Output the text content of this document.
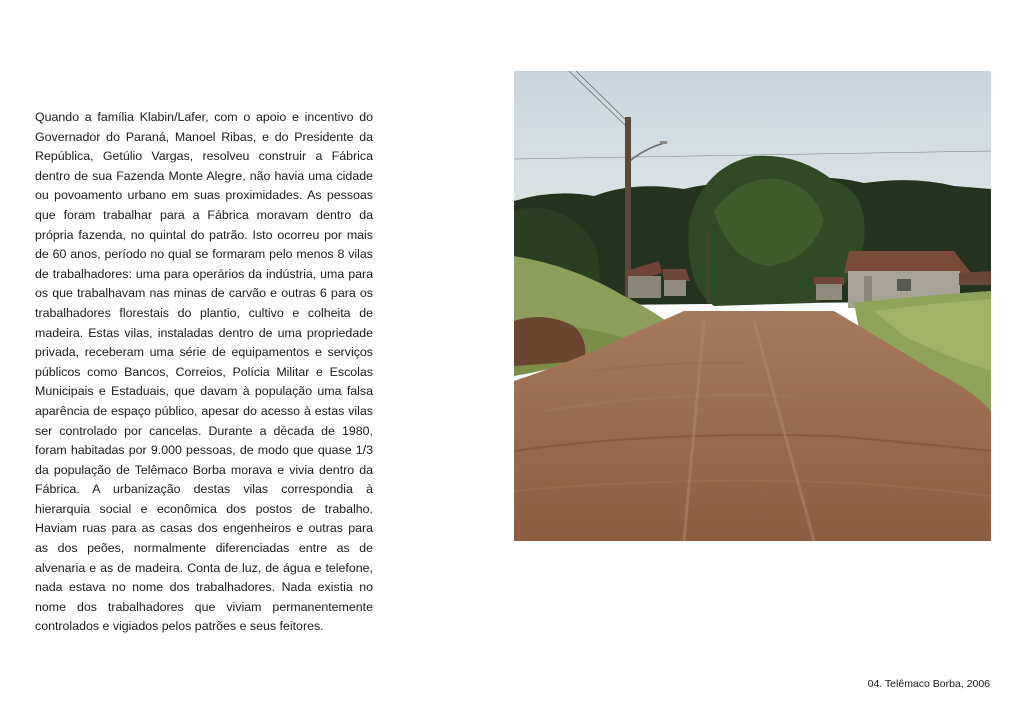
Quando a família Klabin/Lafer, com o apoio e incentivo do Governador do Paraná, Manoel Ribas, e do Presidente da República, Getúlio Vargas, resolveu construir a Fábrica dentro de sua Fazenda Monte Alegre, não havia uma cidade ou povoamento urbano em suas proximidades. As pessoas que foram trabalhar para a Fábrica moravam dentro da própria fazenda, no quintal do patrão. Isto ocorreu por mais de 60 anos, período no qual se formaram pelo menos 8 vilas de trabalhadores: uma para operários da indústria, uma para os que trabalhavam nas minas de carvão e outras 6 para os trabalhadores florestais do plantio, cultivo e colheita de madeira. Estas vilas, instaladas dentro de uma propriedade privada, receberam uma série de equipamentos e serviços públicos como Bancos, Correios, Polícia Militar e Escolas Municipais e Estaduais, que davam à população uma falsa aparência de espaço público, apesar do acesso à estas vilas ser controlado por cancelas. Durante a década de 1980, foram habitadas por 9.000 pessoas, de modo que quase 1/3 da população de Telêmaco Borba morava e vivia dentro da Fábrica. A urbanização destas vilas correspondia à hierarquia social e econômica dos postos de trabalho. Haviam ruas para as casas dos engenheiros e outras para as dos peões, normalmente diferenciadas entre as de alvenaria e as de madeira. Conta de luz, de água e telefone, nada estava no nome dos trabalhadores. Nada existia no nome dos trabalhadores que viviam permanentemente controlados e vigiados pelos patrões e seus feitores.
04. Telêmaco Borba, 2006
